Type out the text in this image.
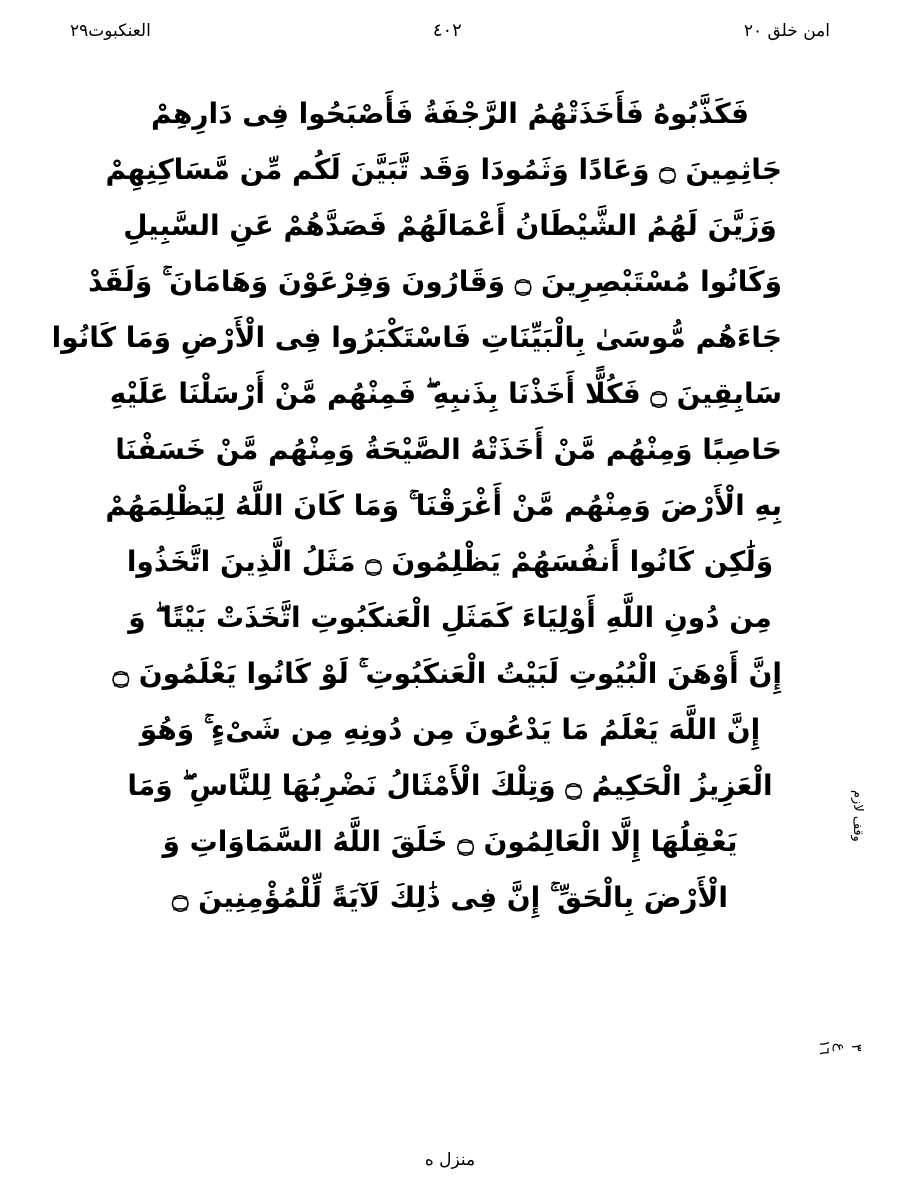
امن خلق ٢٠
٤٠٢
العنكبوت٢٩
فَكَذَّبُوهُ فَأَخَذَتْهُمُ الرَّجْفَةُ فَأَصْبَحُوا فِى دَارِهِمْ
جَاثِمِينَ ۝ وَعَادًا وَثَمُودَا وَقَد تَّبَيَّنَ لَكُم مِّن مَّسَاكِنِهِمْ
وَزَيَّنَ لَهُمُ الشَّيْطَانُ أَعْمَالَهُمْ فَصَدَّهُمْ عَنِ السَّبِيلِ
وَكَانُوا مُسْتَبْصِرِينَ ۝ وَقَارُونَ وَفِرْعَوْنَ وَهَامَانَ ۚ وَلَقَدْ
جَاءَهُم مُّوسَىٰ بِالْبَيِّنَاتِ فَاسْتَكْبَرُوا فِى الْأَرْضِ وَمَا كَانُوا
سَابِقِينَ ۝ فَكُلًّا أَخَذْنَا بِذَنبِهِ ۖ فَمِنْهُم مَّنْ أَرْسَلْنَا عَلَيْهِ
حَاصِبًا وَمِنْهُم مَّنْ أَخَذَتْهُ الصَّيْحَةُ وَمِنْهُم مَّنْ خَسَفْنَا
بِهِ الْأَرْضَ وَمِنْهُم مَّنْ أَغْرَقْنَا ۚ وَمَا كَانَ اللَّهُ لِيَظْلِمَهُمْ
وَلَٰكِن كَانُوا أَنفُسَهُمْ يَظْلِمُونَ ۝ مَثَلُ الَّذِينَ اتَّخَذُوا
مِن دُونِ اللَّهِ أَوْلِيَاءَ كَمَثَلِ الْعَنكَبُوتِ اتَّخَذَتْ بَيْتًا ۖ وَ
إِنَّ أَوْهَنَ الْبُيُوتِ لَبَيْتُ الْعَنكَبُوتِ ۚ لَوْ كَانُوا يَعْلَمُونَ ۝
إِنَّ اللَّهَ يَعْلَمُ مَا يَدْعُونَ مِن دُونِهِ مِن شَىْءٍ ۚ وَهُوَ
الْعَزِيزُ الْحَكِيمُ ۝ وَتِلْكَ الْأَمْثَالُ نَضْرِبُهَا لِلنَّاسِ ۖ وَمَا
يَعْقِلُهَا إِلَّا الْعَالِمُونَ ۝ خَلَقَ اللَّهُ السَّمَاوَاتِ وَ
الْأَرْضَ بِالْحَقِّ ۚ إِنَّ فِى ذَٰلِكَ لَآيَةً لِّلْمُؤْمِنِينَ ۝
وقف لازم
٣
ع
١٦
منزل ه
